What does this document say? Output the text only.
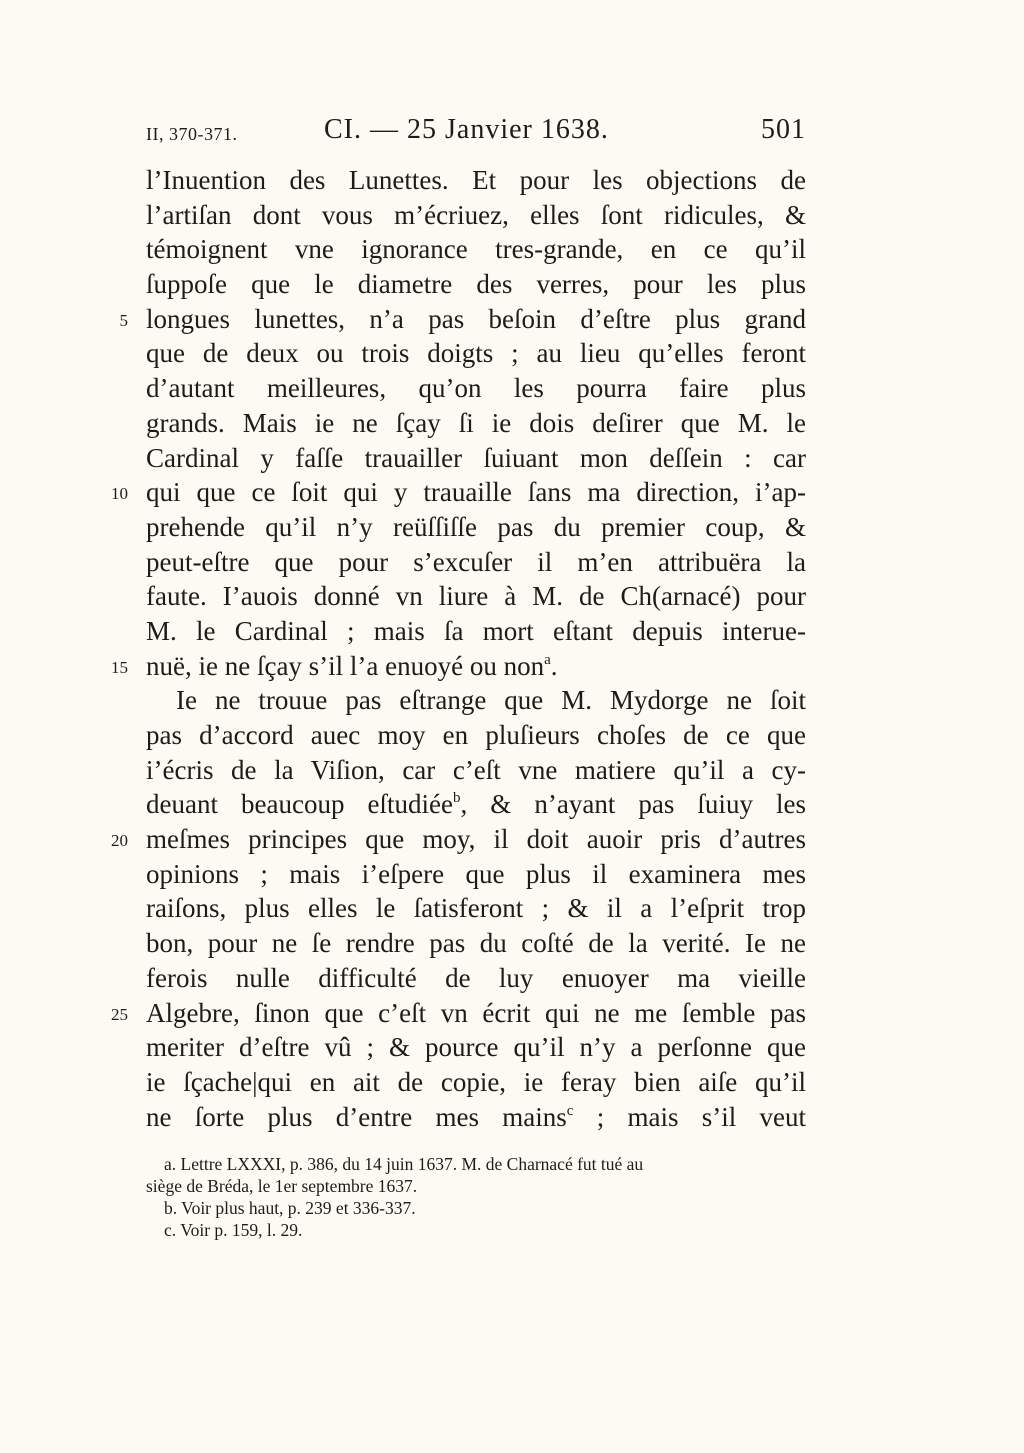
II, 370-371.	CI. — 25 Janvier 1638.	501
l’Inuention des Lunettes. Et pour les objections de
l’artiſan dont vous m’écriuez, elles ſont ridicules, &
témoignent vne ignorance tres-grande, en ce qu’il
ſuppoſe que le diametre des verres, pour les plus
5 longues lunettes, n’a pas beſoin d’eſtre plus grand
que de deux ou trois doigts ; au lieu qu’elles feront
d’autant meilleures, qu’on les pourra faire plus
grands. Mais ie ne ſçay ſi ie dois deſirer que M. le
Cardinal y faſſe trauailler ſuiuant mon deſſein : car
10 qui que ce ſoit qui y trauaille ſans ma direction, i’ap-
prehende qu’il n’y reüſſiſſe pas du premier coup, &
peut-eſtre que pour s’excuſer il m’en attribuëra la
faute. I’auois donné vn liure à M. de Ch(arnacé) pour
M. le Cardinal ; mais ſa mort eſtant depuis interue-
15 nuë, ie ne ſçay s’il l’a enuoyé ou non$^a$.
Ie ne trouue pas eſtrange que M. Mydorge ne ſoit
pas d’accord auec moy en pluſieurs choſes de ce que
i’écris de la Viſion, car c’eſt vne matiere qu’il a cy-
deuant beaucoup eſtudiée$^b$, & n’ayant pas ſuiuy les
20 meſmes principes que moy, il doit auoir pris d’autres
opinions ; mais i’eſpere que plus il examinera mes
raiſons, plus elles le ſatisferont ; & il a l’eſprit trop
bon, pour ne ſe rendre pas du coſté de la verité. Ie ne
ferois nulle difficulté de luy enuoyer ma vieille
25 Algebre, ſinon que c’eſt vn écrit qui ne me ſemble pas
meriter d’eſtre vû ; & pource qu’il n’y a perſonne que
ie ſçache|qui en ait de copie, ie feray bien aiſe qu’il
ne ſorte plus d’entre mes mains$^c$ ; mais s’il veut
a. Lettre LXXXI, p. 386, du 14 juin 1637. M. de Charnacé fut tué au
siège de Bréda, le 1er septembre 1637.
b. Voir plus haut, p. 239 et 336-337.
c. Voir p. 159, l. 29.
